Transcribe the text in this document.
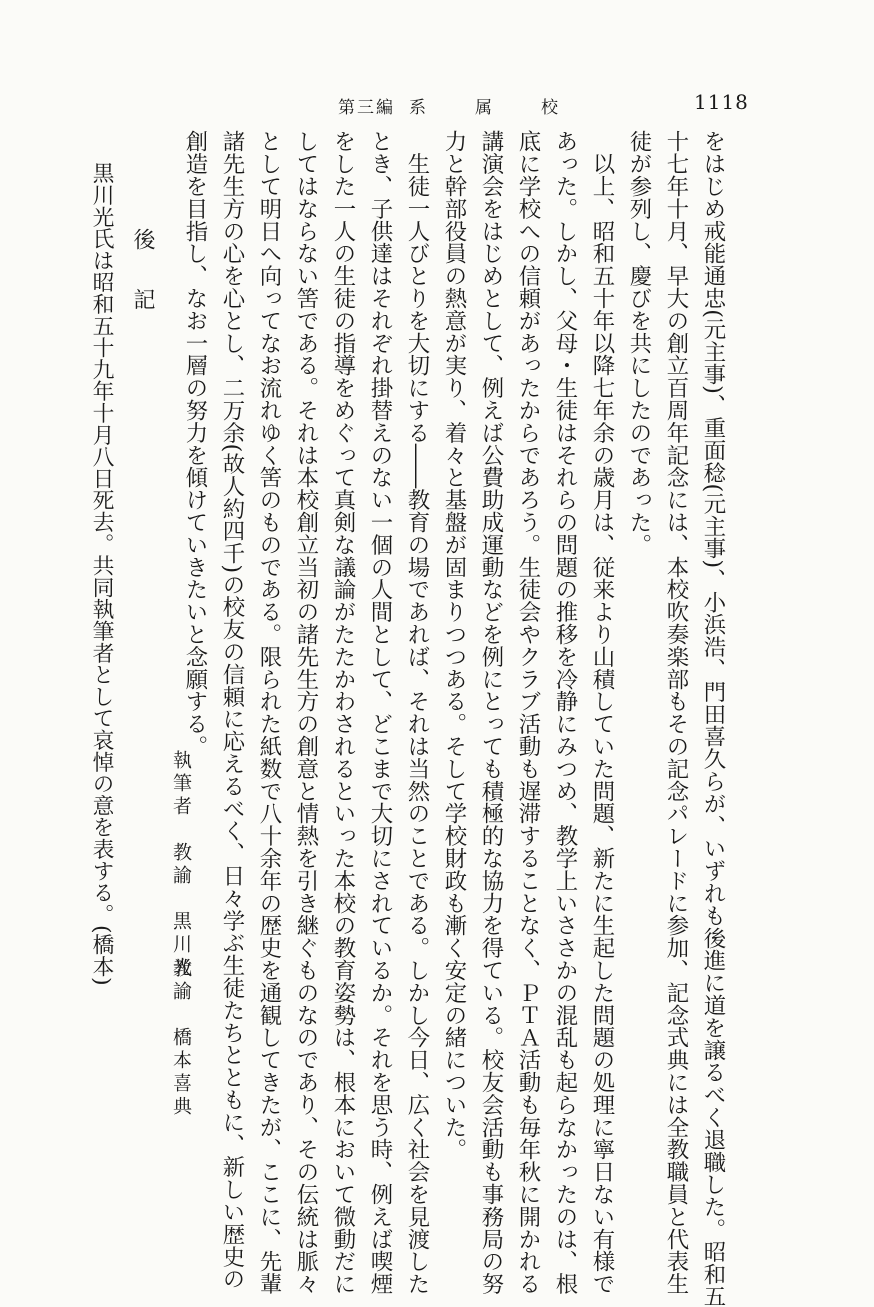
第三編 系　属　校	1118
をはじめ戒能通忠(元主事)、重面稔(元主事)、小浜浩、門田喜久らが、いずれも後進に道を譲るべく退職した。昭和五
十七年十月、早大の創立百周年記念には、本校吹奏楽部もその記念パレードに参加、記念式典には全教職員と代表生
徒が参列し、慶びを共にしたのであった。
　以上、昭和五十年以降七年余の歳月は、従来より山積していた問題、新たに生起した問題の処理に寧日ない有様で
あった。しかし、父母・生徒はそれらの問題の推移を冷静にみつめ、教学上いささかの混乱も起らなかったのは、根
底に学校への信頼があったからであろう。生徒会やクラブ活動も遅滞することなく、ＰＴＡ活動も毎年秋に開かれる
講演会をはじめとして、例えば公費助成運動などを例にとっても積極的な協力を得ている。校友会活動も事務局の努
力と幹部役員の熱意が実り、着々と基盤が固まりつつある。そして学校財政も漸く安定の緒についた。
　生徒一人びとりを大切にする――教育の場であれば、それは当然のことである。しかし今日、広く社会を見渡した
とき、子供達はそれぞれ掛替えのない一個の人間として、どこまで大切にされているか。それを思う時、例えば喫煙
をした一人の生徒の指導をめぐって真剣な議論がたたかわされるといった本校の教育姿勢は、根本において微動だに
してはならない筈である。それは本校創立当初の諸先生方の創意と情熱を引き継ぐものなのであり、その伝統は脈々
として明日へ向ってなお流れゆく筈のものである。限られた紙数で八十余年の歴史を通観してきたが、ここに、先輩
諸先生方の心を心とし、二万余(故人約四千)の校友の信頼に応えるべく、日々学ぶ生徒たちとともに、新しい歴史の
創造を目指し、なお一層の努力を傾けていきたいと念願する。
執筆者　教諭　黒川光
教諭　橋本喜典
後記
黒川光氏は昭和五十九年十月八日死去。共同執筆者として哀悼の意を表する。(橋本)
